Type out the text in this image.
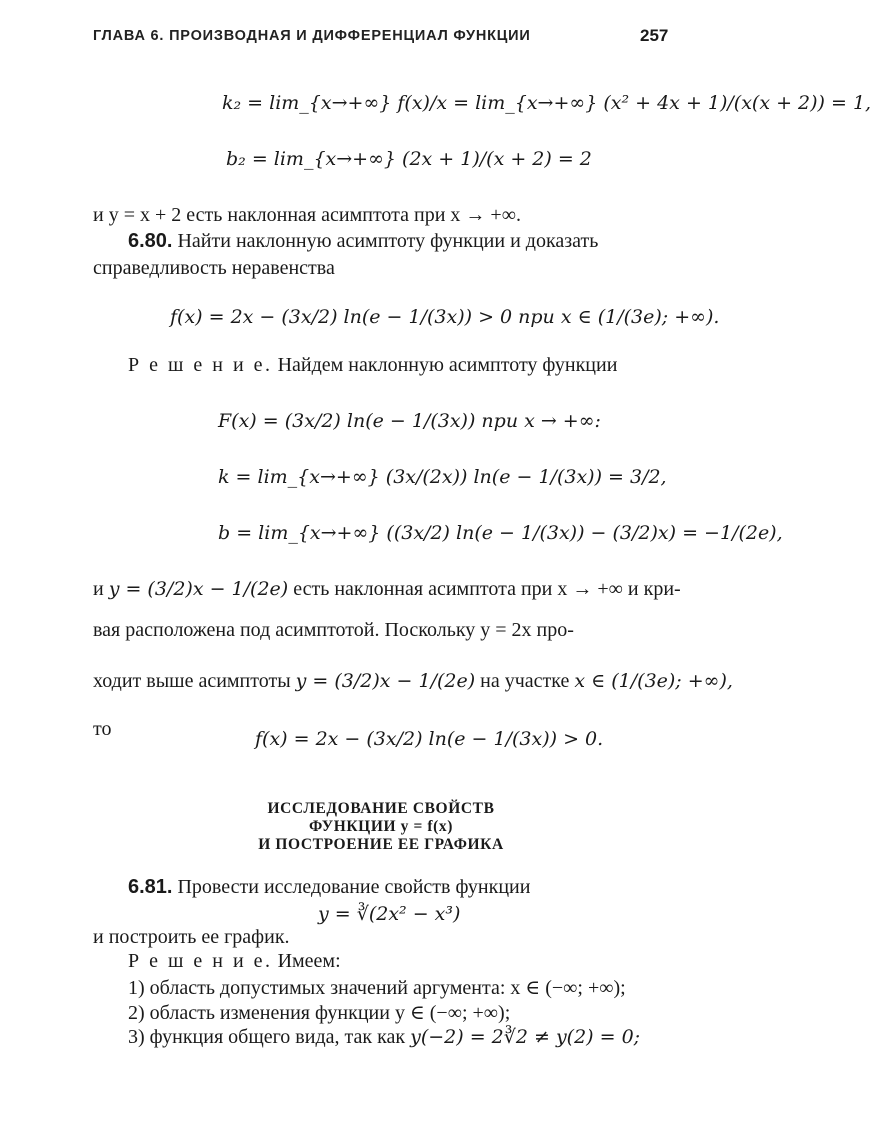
ГЛАВА 6. ПРОИЗВОДНАЯ И ДИФФЕРЕНЦИАЛ ФУНКЦИИ	257
k₂ = lim_{x→+∞} f(x)/x = lim_{x→+∞} (x² + 4x + 1)/(x(x + 2)) = 1,
b₂ = lim_{x→+∞} (2x + 1)/(x + 2) = 2
и y = x + 2 есть наклонная асимптота при x → +∞.
6.80. Найти наклонную асимптоту функции и доказать
справедливость неравенства
f(x) = 2x − (3x/2) ln(e − 1/(3x)) > 0 при x ∈ (1/(3e); +∞).
Р е ш е н и е. Найдем наклонную асимптоту функции
F(x) = (3x/2) ln(e − 1/(3x)) при x → +∞:
k = lim_{x→+∞} (3x/(2x)) ln(e − 1/(3x)) = 3/2,
b = lim_{x→+∞} ((3x/2) ln(e − 1/(3x)) − (3/2)x) = −1/(2e),
и y = (3/2)x − 1/(2e) есть наклонная асимптота при x → +∞ и кри-
вая расположена под асимптотой. Поскольку y = 2x про-
ходит выше асимптоты y = (3/2)x − 1/(2e) на участке x ∈ (1/(3e); +∞),
то	f(x) = 2x − (3x/2) ln(e − 1/(3x)) > 0.
ИССЛЕДОВАНИЕ СВОЙСТВ
ФУНКЦИИ y = f(x)
И ПОСТРОЕНИЕ ЕЕ ГРАФИКА
6.81. Провести исследование свойств функции
y = ∛(2x² − x³)
и построить ее график.
Р е ш е н и е. Имеем:
1) область допустимых значений аргумента: x ∈ (−∞; +∞);
2) область изменения функции y ∈ (−∞; +∞);
3) функция общего вида, так как y(−2) = 2∛2 ≠ y(2) = 0;
